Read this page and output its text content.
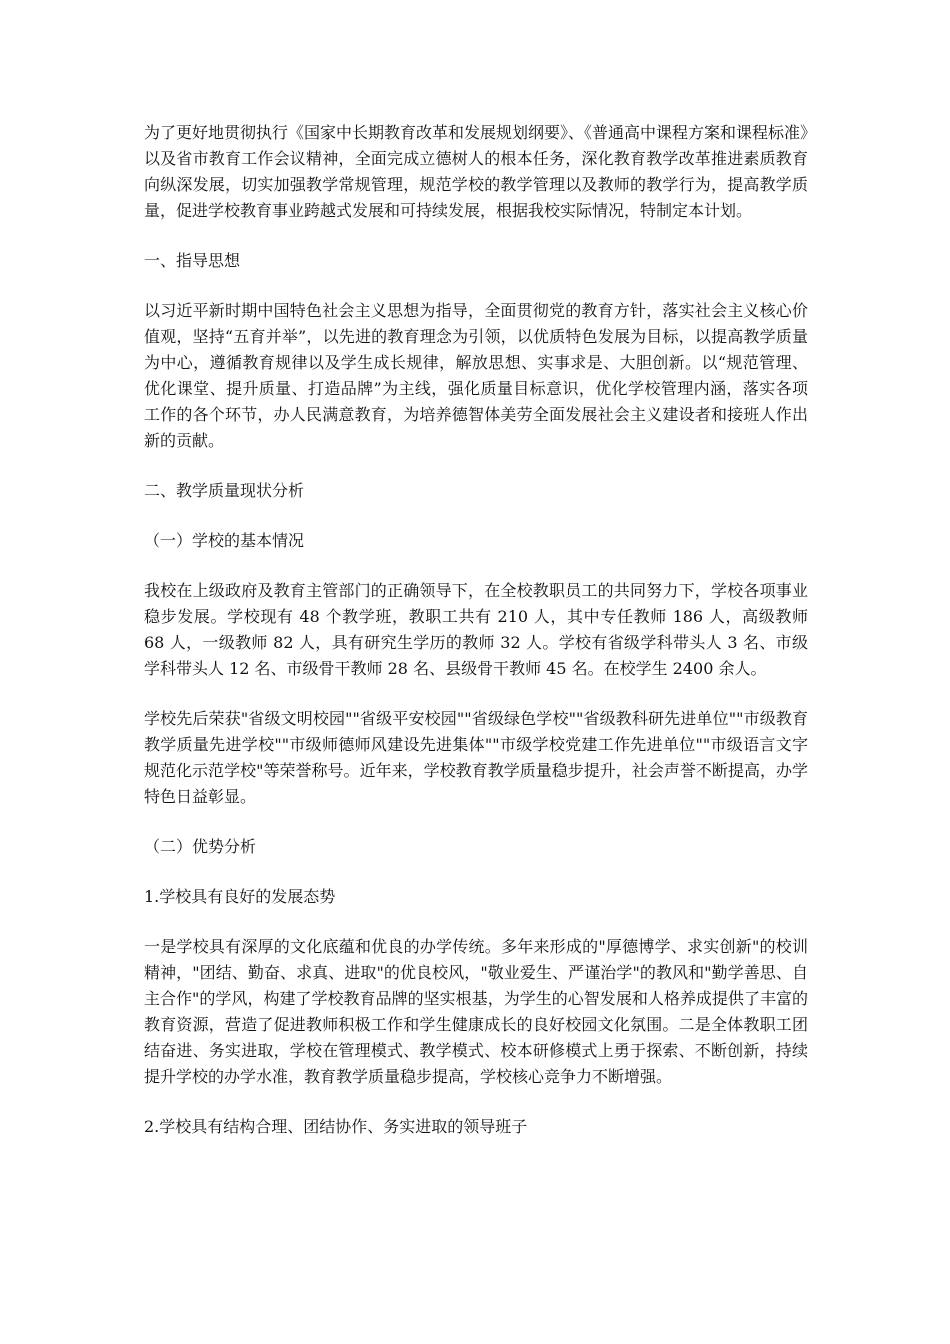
为了更好地贯彻执行《国家中长期教育改革和发展规划纲要》、《普通高中课程方案和课程标准》以及省市教育工作会议精神，全面完成立德树人的根本任务，深化教育教学改革推进素质教育向纵深发展，切实加强教学常规管理，规范学校的教学管理以及教师的教学行为，提高教学质量，促进学校教育事业跨越式发展和可持续发展，根据我校实际情况，特制定本计划。

一、指导思想

以习近平新时期中国特色社会主义思想为指导，全面贯彻党的教育方针，落实社会主义核心价值观，坚持“五育并举”，以先进的教育理念为引领，以优质特色发展为目标，以提高教学质量为中心，遵循教育规律以及学生成长规律，解放思想、实事求是、大胆创新。以“规范管理、优化课堂、提升质量、打造品牌”为主线，强化质量目标意识，优化学校管理内涵，落实各项工作的各个环节，办人民满意教育，为培养德智体美劳全面发展社会主义建设者和接班人作出新的贡献。

二、教学质量现状分析

（一）学校的基本情况

我校在上级政府及教育主管部门的正确领导下，在全校教职员工的共同努力下，学校各项事业稳步发展。学校现有 48 个教学班，教职工共有 210 人，其中专任教师 186 人，高级教师 68 人，一级教师 82 人，具有研究生学历的教师 32 人。学校有省级学科带头人 3 名、市级学科带头人 12 名、市级骨干教师 28 名、县级骨干教师 45 名。在校学生 2400 余人。

学校先后荣获"省级文明校园""省级平安校园""省级绿色学校""省级教科研先进单位""市级教育教学质量先进学校""市级师德师风建设先进集体""市级学校党建工作先进单位""市级语言文字规范化示范学校"等荣誉称号。近年来，学校教育教学质量稳步提升，社会声誉不断提高，办学特色日益彰显。

（二）优势分析

1.学校具有良好的发展态势

一是学校具有深厚的文化底蕴和优良的办学传统。多年来形成的"厚德博学、求实创新"的校训精神，"团结、勤奋、求真、进取"的优良校风，"敬业爱生、严谨治学"的教风和"勤学善思、自主合作"的学风，构建了学校教育品牌的坚实根基，为学生的心智发展和人格养成提供了丰富的教育资源，营造了促进教师积极工作和学生健康成长的良好校园文化氛围。二是全体教职工团结奋进、务实进取，学校在管理模式、教学模式、校本研修模式上勇于探索、不断创新，持续提升学校的办学水准，教育教学质量稳步提高，学校核心竞争力不断增强。

2.学校具有结构合理、团结协作、务实进取的领导班子
